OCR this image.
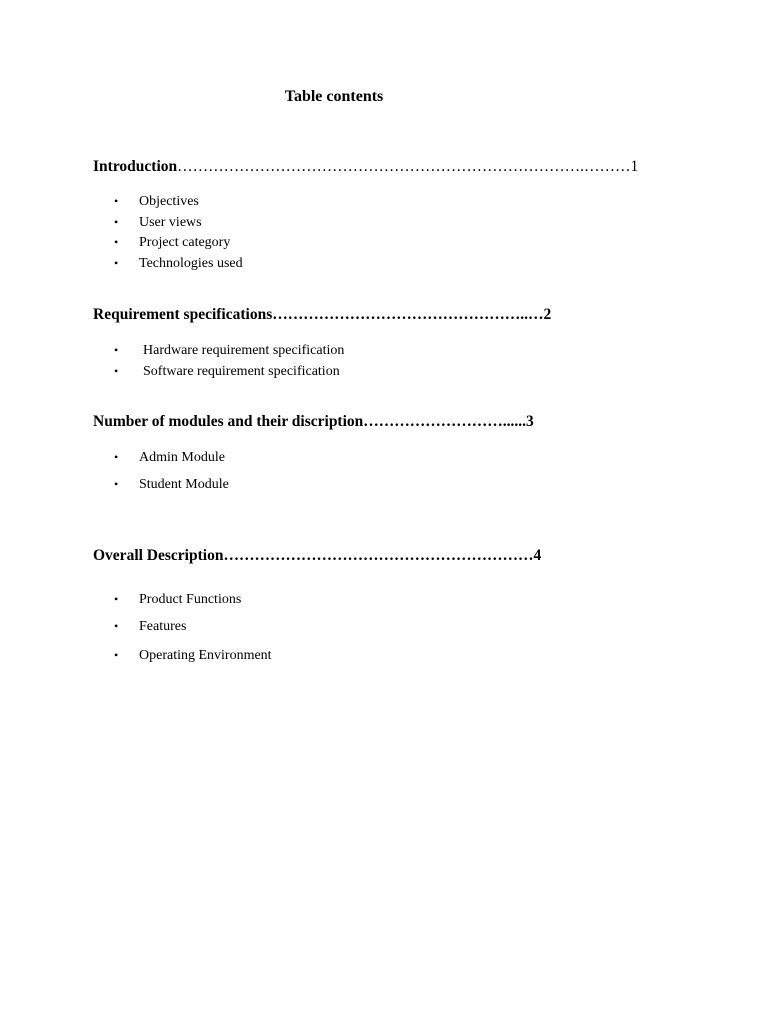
Table contents
Introduction…………………………………………………………………….………1
• Objectives
• User views
• Project category
• Technologies used
Requirement specifications…………………………………………..…2
• Hardware requirement specification
• Software requirement specification
Number of modules and their discription………………………......3
• Admin Module
• Student Module
Overall Description……………………………………………………4
• Product Functions
• Features
• Operating Environment
